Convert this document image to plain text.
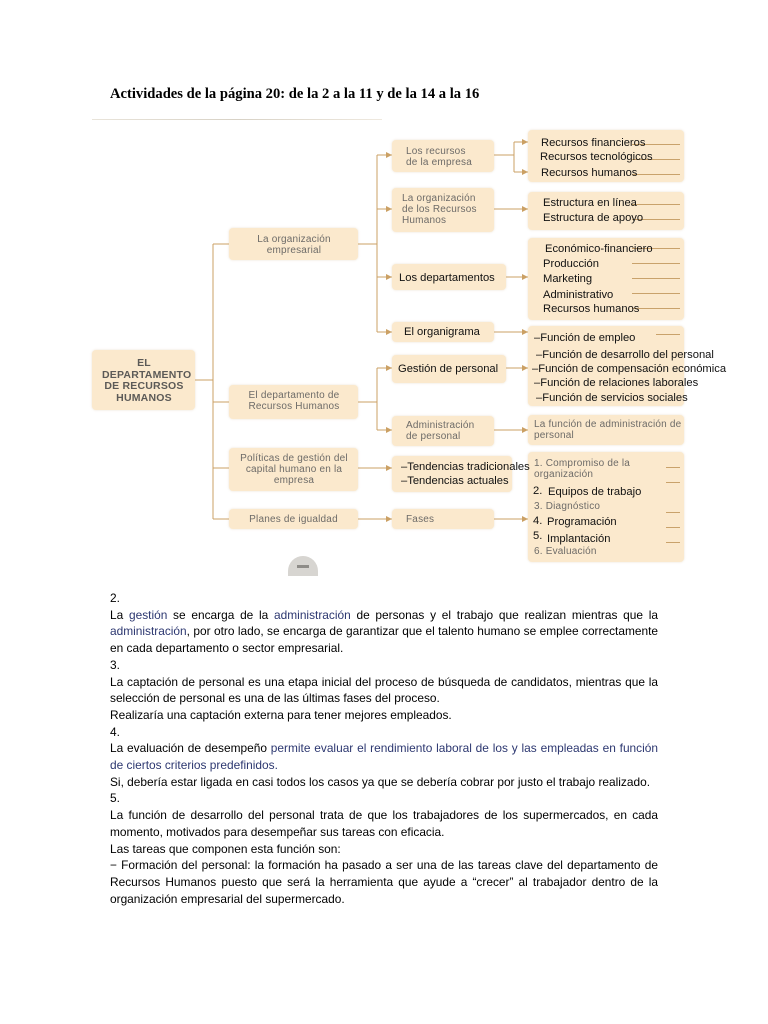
Actividades de la página 20: de la 2 a la 11 y de la 14 a la 16
EL DEPARTAMENTO DE RECURSOS HUMANOS
La organización empresarial
El departamento de Recursos Humanos
Políticas de gestión del capital humano en la empresa
Planes de igualdad
Los recursos de la empresa
La organización de los Recursos Humanos
Administración de personal
Fases
La función de administración de personal
1. Compromiso de la organización
3. Diagnóstico
6. Evaluación
Recursos financieros
Recursos tecnológicos
Recursos humanos
Estructura en línea
Estructura de apoyo
Económico-financiero
Producción
Marketing
Administrativo
Recursos humanos
Los departamentos
El organigrama
Gestión de personal
–Función de empleo
–Función de desarrollo del personal
–Función de compensación económica
–Función de relaciones laborales
–Función de servicios sociales
–Tendencias tradicionales
–Tendencias actuales
2. Equipos de trabajo
4. Programación
5. Implantación

2.

La gestión se encarga de la administración de personas y el trabajo que realizan mientras que la administración, por otro lado, se encarga de garantizar que el talento humano se emplee correctamente en cada departamento o sector empresarial.

3.

La captación de personal es una etapa inicial del proceso de búsqueda de candidatos, mientras que la selección de personal es una de las últimas fases del proceso.

Realizaría una captación externa para tener mejores empleados.

4.

La evaluación de desempeño permite evaluar el rendimiento laboral de los y las empleadas en función de ciertos criterios predefinidos.

Si, debería estar ligada en casi todos los casos ya que se debería cobrar por justo el trabajo realizado.

5.

La función de desarrollo del personal trata de que los trabajadores de los supermercados, en cada momento, motivados para desempeñar sus tareas con eficacia.

Las tareas que componen esta función son:

− Formación del personal: la formación ha pasado a ser una de las tareas clave del departamento de Recursos Humanos puesto que será la herramienta que ayude a “crecer” al trabajador dentro de la organización empresarial del supermercado.
